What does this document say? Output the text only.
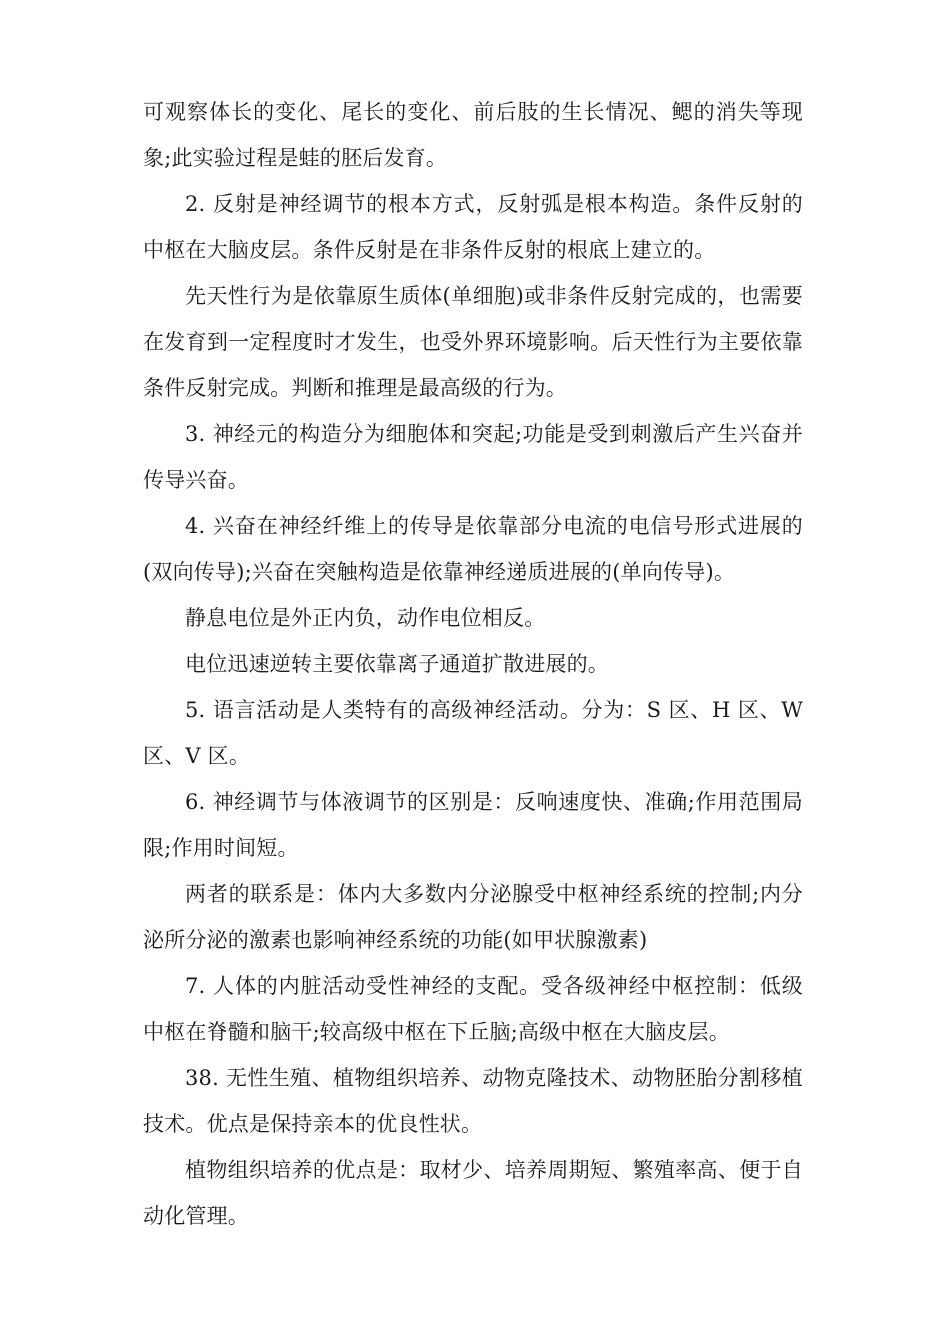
可观察体长的变化、尾长的变化、前后肢的生长情况、鳃的消失等现象;此实验过程是蛙的胚后发育。

2. 反射是神经调节的根本方式，反射弧是根本构造。条件反射的中枢在大脑皮层。条件反射是在非条件反射的根底上建立的。

先天性行为是依靠原生质体(单细胞)或非条件反射完成的，也需要在发育到一定程度时才发生，也受外界环境影响。后天性行为主要依靠条件反射完成。判断和推理是最高级的行为。

3. 神经元的构造分为细胞体和突起;功能是受到刺激后产生兴奋并传导兴奋。

4. 兴奋在神经纤维上的传导是依靠部分电流的电信号形式进展的(双向传导);兴奋在突触构造是依靠神经递质进展的(单向传导)。

静息电位是外正内负，动作电位相反。

电位迅速逆转主要依靠离子通道扩散进展的。

5. 语言活动是人类特有的高级神经活动。分为：S 区、H 区、W 区、V 区。

6. 神经调节与体液调节的区别是：反响速度快、准确;作用范围局限;作用时间短。

两者的联系是：体内大多数内分泌腺受中枢神经系统的控制;内分泌所分泌的激素也影响神经系统的功能(如甲状腺激素)

7. 人体的内脏活动受性神经的支配。受各级神经中枢控制：低级中枢在脊髓和脑干;较高级中枢在下丘脑;高级中枢在大脑皮层。

38. 无性生殖、植物组织培养、动物克隆技术、动物胚胎分割移植技术。优点是保持亲本的优良性状。

植物组织培养的优点是：取材少、培养周期短、繁殖率高、便于自动化管理。
